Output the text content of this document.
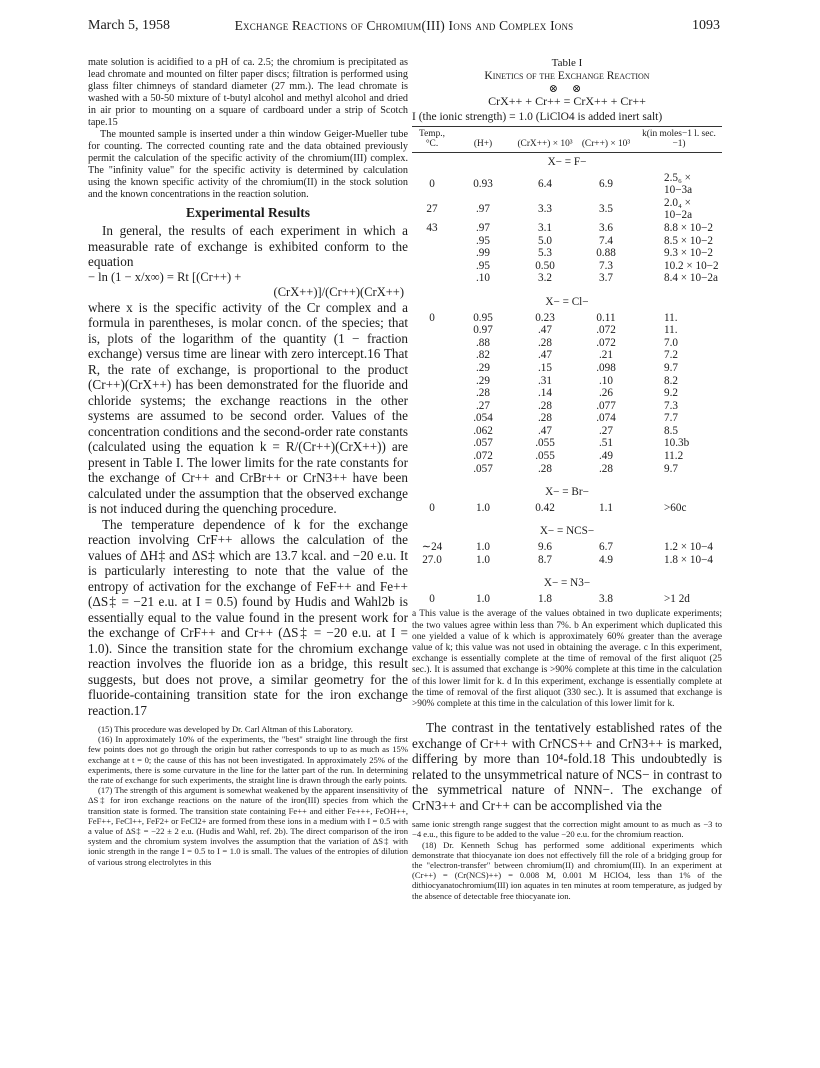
March 5, 1958	Exchange Reactions of Chromium(III) Ions and Complex Ions	1093

mate solution is acidified to a pH of ca. 2.5; the chromium is precipitated as lead chromate and mounted on filter paper discs; filtration is performed using glass filter chimneys of standard diameter (27 mm.). The lead chromate is washed with a 50-50 mixture of t-butyl alcohol and methyl alcohol and dried in air prior to mounting on a square of cardboard under a strip of Scotch tape.15

The mounted sample is inserted under a thin window Geiger-Mueller tube for counting. The corrected counting rate and the data obtained previously permit the calculation of the specific activity of the chromium(III) complex. The "infinity value" for the specific activity is determined by calculation using the known specific activity of the chromium(II) in the stock solution and the known concentrations in the reaction solution.

Experimental Results

In general, the results of each experiment in which a measurable rate of exchange is exhibited conform to the equation

− ln (1 − x/x∞) = Rt [(Cr++) +

(CrX++)]/(Cr++)(CrX++)

where x is the specific activity of the Cr complex and a formula in parentheses, is molar concn. of the species; that is, plots of the logarithm of the quantity (1 − fraction exchange) versus time are linear with zero intercept.16 That R, the rate of exchange, is proportional to the product (Cr++)(CrX++) has been demonstrated for the fluoride and chloride systems; the exchange reactions in the other systems are assumed to be second order. Values of the concentration conditions and the second-order rate constants (calculated using the equation k = R/(Cr++)(CrX++)) are present in Table I. The lower limits for the rate constants for the exchange of Cr++ and CrBr++ or CrN3++ have been calculated under the assumption that the observed exchange is not induced during the quenching procedure.

The temperature dependence of k for the exchange reaction involving CrF++ allows the calculation of the values of ΔH‡ and ΔS‡ which are 13.7 kcal. and −20 e.u. It is particularly interesting to note that the value of the entropy of activation for the exchange of FeF++ and Fe++ (ΔS‡ = −21 e.u. at I = 0.5) found by Hudis and Wahl2b is essentially equal to the value found in the present work for the exchange of CrF++ and Cr++ (ΔS‡ = −20 e.u. at I = 1.0). Since the transition state for the chromium exchange reaction involves the fluoride ion as a bridge, this result suggests, but does not prove, a similar geometry for the fluoride-containing transition state for the iron exchange reaction.17

(15) This procedure was developed by Dr. Carl Altman of this Laboratory.

(16) In approximately 10% of the experiments, the "best" straight line through the first few points does not go through the origin but rather corresponds to up to as much as 15% exchange at t = 0; the cause of this has not been investigated. In approximately 25% of the experiments, there is some curvature in the line for the latter part of the run. In determining the rate of exchange for such experiments, the straight line is drawn through the early points.

(17) The strength of this argument is somewhat weakened by the apparent insensitivity of ΔS‡ for iron exchange reactions on the nature of the iron(III) species from which the transition state is formed. The transition state containing Fe++ and either Fe+++, FeOH++, FeF++, FeCl++, FeF2+ or FeCl2+ are formed from these ions in a medium with I = 0.5 with a value of ΔS‡ = −22 ± 2 e.u. (Hudis and Wahl, ref. 2b). The direct comparison of the iron system and the chromium system involves the assumption that the variation of ΔS‡ with ionic strength in the range I = 0.5 to I = 1.0 is small. The values of the entropies of dilution of various strong electrolytes in this

Table I
Kinetics of the Exchange Reaction
⊗⊗
CrX++ + Cr++ = CrX++ + Cr++
I (the ionic strength) = 1.0 (LiClO4 is added inert salt)
Temp., °C.	(H+)	(CrX++) × 10³	(Cr++) × 10³	k(in moles−1 l. sec.−1)
X− = F−				
0	0.93	6.4	6.9	2.5₆ × 10−3a
27	.97	3.3	3.5	2.0₄ × 10−2a
43	.97	3.1	3.6	8.8 × 10−2
	.95	5.0	7.4	8.5 × 10−2
	.99	5.3	0.88	9.3 × 10−2
	.95	0.50	7.3	10.2 × 10−2
	.10	3.2	3.7	8.4 × 10−2a

X− = Cl−				
0	0.95	0.23	0.11	11.
	0.97	.47	.072	11.
	.88	.28	.072	7.0
	.82	.47	.21	7.2
	.29	.15	.098	9.7
	.29	.31	.10	8.2
	.28	.14	.26	9.2
	.27	.28	.077	7.3
	.054	.28	.074	7.7
	.062	.47	.27	8.5
	.057	.055	.51	10.3b
	.072	.055	.49	11.2
	.057	.28	.28	9.7

X− = Br−				
0	1.0	0.42	1.1	>60c

X− = NCS−				
∼24	1.0	9.6	6.7	1.2 × 10−4
27.0	1.0	8.7	4.9	1.8 × 10−4

X− = N3−				
0	1.0	1.8	3.8	>1 2d

a This value is the average of the values obtained in two duplicate experiments; the two values agree within less than 7%. b An experiment which duplicated this one yielded a value of k which is approximately 60% greater than the average value of k; this value was not used in obtaining the average. c In this experiment, exchange is essentially complete at the time of removal of the first aliquot (25 sec.). It is assumed that exchange is >90% complete at this time in the calculation of this lower limit for k. d In this experiment, exchange is essentially complete at the time of removal of the first aliquot (330 sec.). It is assumed that exchange is >90% complete at this time in the calculation of this lower limit for k.

The contrast in the tentatively established rates of the exchange of Cr++ with CrNCS++ and CrN3++ is marked, differing by more than 10⁴-fold.18 This undoubtedly is related to the unsymmetrical nature of NCS− in contrast to the symmetrical nature of NNN−. The exchange of CrN3++ and Cr++ can be accomplished via the

same ionic strength range suggest that the correction might amount to as much as −3 to −4 e.u., this figure to be added to the value −20 e.u. for the chromium reaction.

(18) Dr. Kenneth Schug has performed some additional experiments which demonstrate that thiocyanate ion does not effectively fill the role of a bridging group for the "electron-transfer" between chromium(II) and chromium(III). In an experiment at (Cr++) = (Cr(NCS)++) = 0.008 M, 0.001 M HClO4, less than 1% of the dithiocyanatochromium(III) ion aquates in ten minutes at room temperature, as judged by the absence of detectable free thiocyanate ion.
